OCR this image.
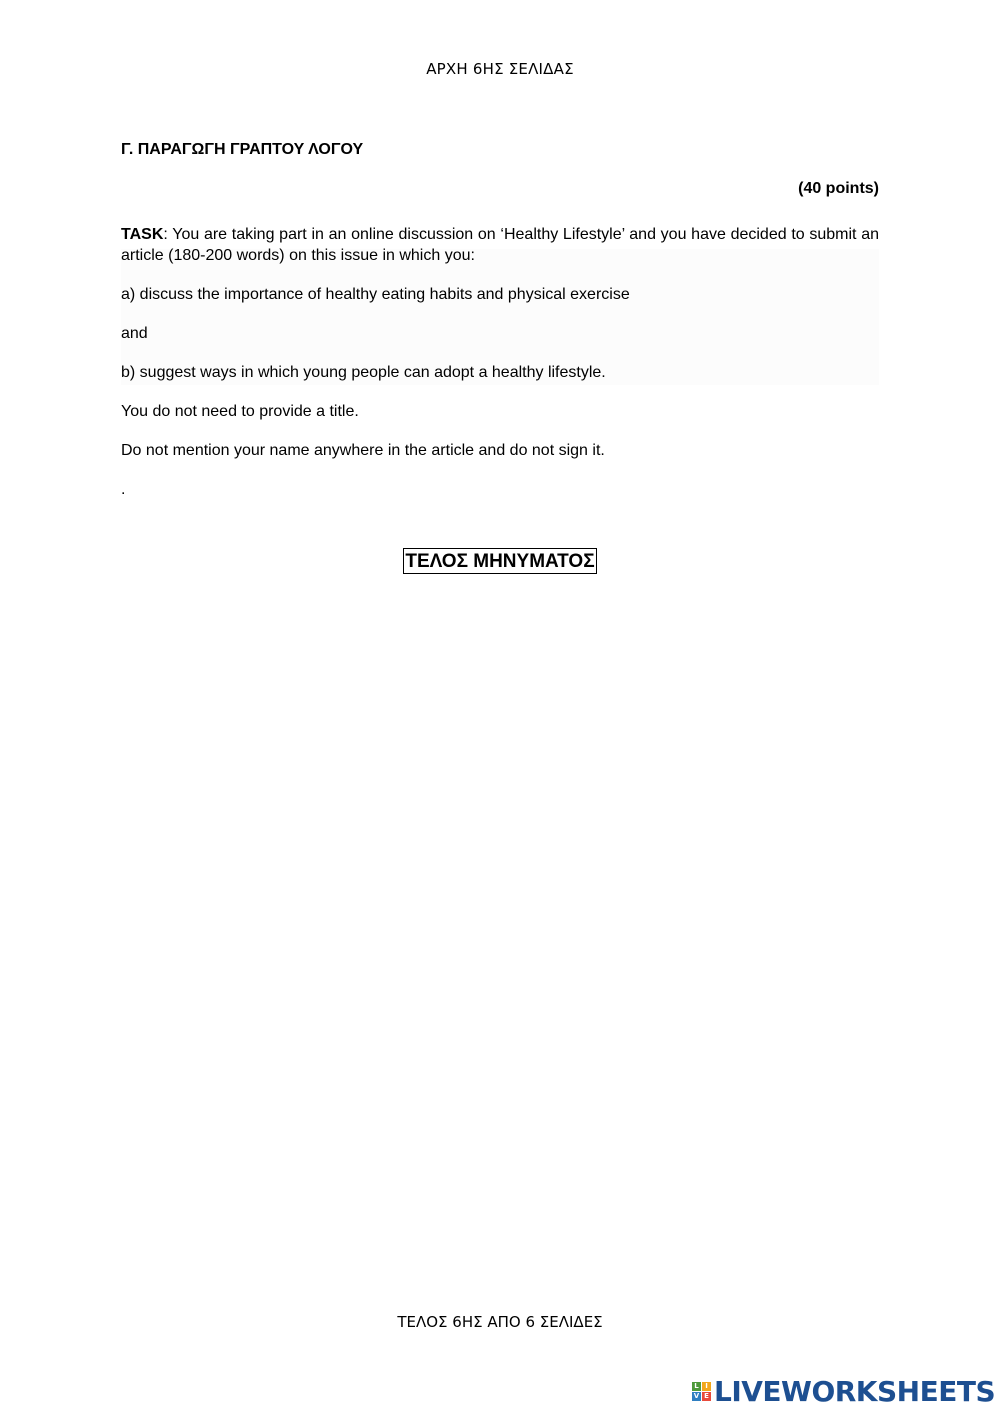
ΑΡΧΗ 6ΗΣ ΣΕΛΙΔΑΣ
Γ. ΠΑΡΑΓΩΓΗ ΓΡΑΠΤΟΥ ΛΟΓΟΥ
(40 points)
TASK: You are taking part in an online discussion on ‘Healthy Lifestyle’ and you have decided to submit an article (180-200 words) on this issue in which you:
a) discuss the importance of healthy eating habits and physical exercise
and
b) suggest ways in which young people can adopt a healthy lifestyle.
You do not need to provide a title.
Do not mention your name anywhere in the article and do not sign it.
.
ΤΕΛΟΣ ΜΗΝΥΜΑΤΟΣ
ΤΕΛΟΣ 6ΗΣ ΑΠΟ 6 ΣΕΛΙΔΕΣ
L I
V E LIVEWORKSHEETS
